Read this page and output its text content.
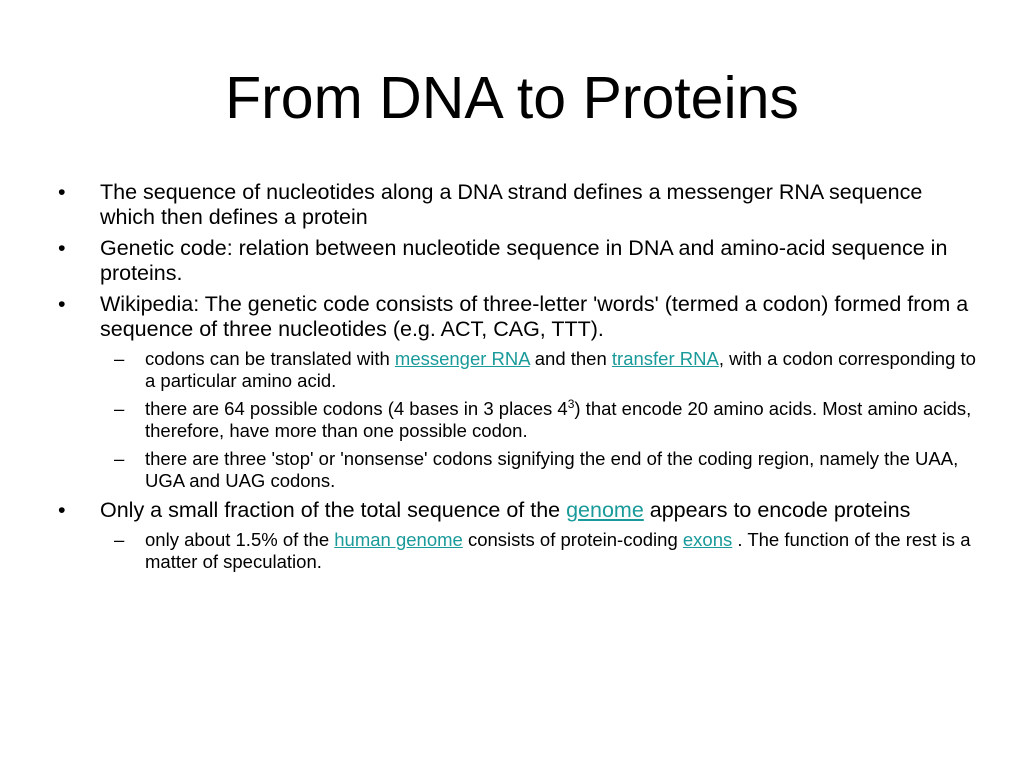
From DNA to Proteins
•	The sequence of nucleotides along a DNA strand defines a messenger RNA sequence which then defines a protein
•	Genetic code: relation between nucleotide sequence in DNA and amino-acid sequence in proteins.
•	Wikipedia: The genetic code consists of three-letter 'words' (termed a codon) formed from a sequence of three nucleotides (e.g. ACT, CAG, TTT).
– codons can be translated with messenger RNA and then transfer RNA, with a codon corresponding to a particular amino acid.
– there are 64 possible codons (4 bases in 3 places $4^3$) that encode 20 amino acids. Most amino acids, therefore, have more than one possible codon.
– there are three 'stop' or 'nonsense' codons signifying the end of the coding region, namely the UAA, UGA and UAG codons.
•	Only a small fraction of the total sequence of the genome appears to encode proteins
– only about 1.5% of the human genome consists of protein-coding exons . The function of the rest is a matter of speculation.
